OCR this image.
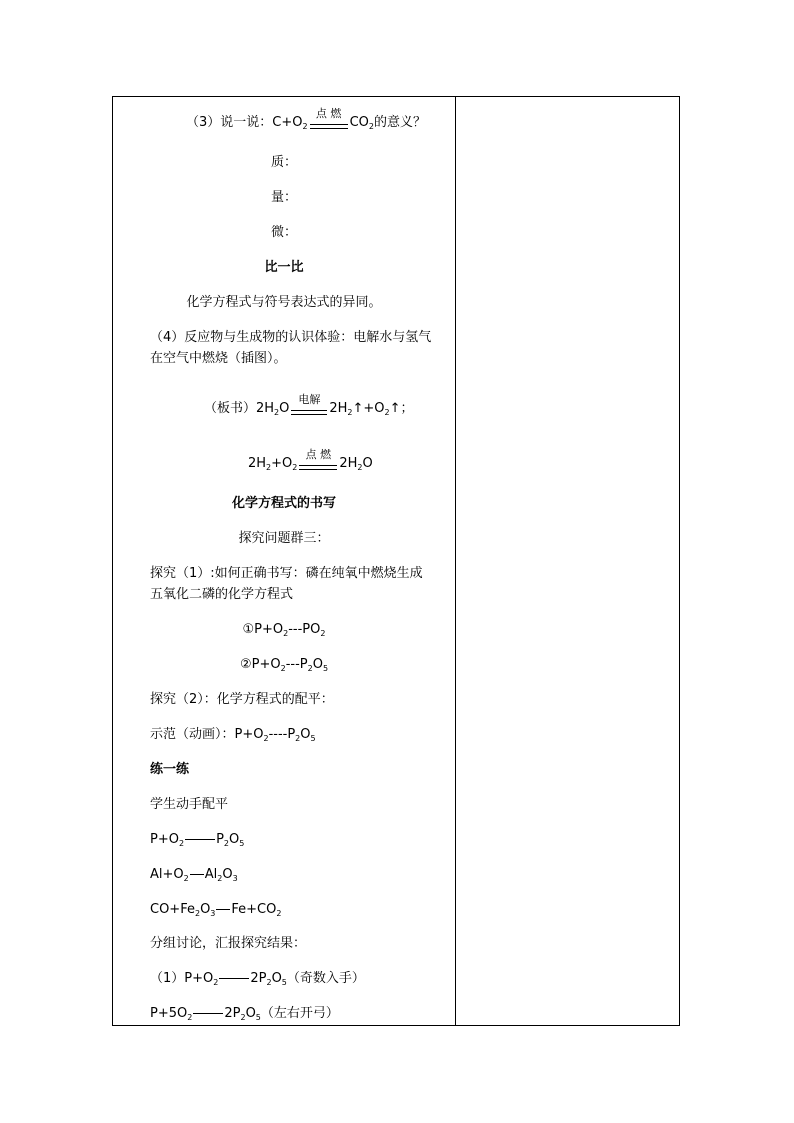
（3）说一说：$C+O_2$
点 燃
$CO_2$的意义？
质：
量：
微：
比一比
化学方程式与符号表达式的异同。
（4）反应物与生成物的认识体验：电解水与氢气
在空气中燃烧（插图）。
（板书）$2H_2O$
电解
$2H_2↑+O_2↑$；
$2H_2+O_2$
点 燃
$2H_2O$
化学方程式的书写
探究问题群三：
探究（1）:如何正确书写：磷在纯氧中燃烧生成
五氧化二磷的化学方程式
$①P+O_2---PO_2$
$②P+O_2---P_2O_5$
探究（2）：化学方程式的配平：
示范（动画）：$P+O_2----P_2O_5$
练一练
学生动手配平
$P+O_2$ $P_2O_5$
$Al+O_2$ $Al_2O_3$
$CO+Fe_2O_3$ $Fe+CO_2$
分组讨论，汇报探究结果：
$(1)P+O_2$ $2P_2O_5$（奇数入手）
$P+5O_2$ $2P_2O_5$（左右开弓）
